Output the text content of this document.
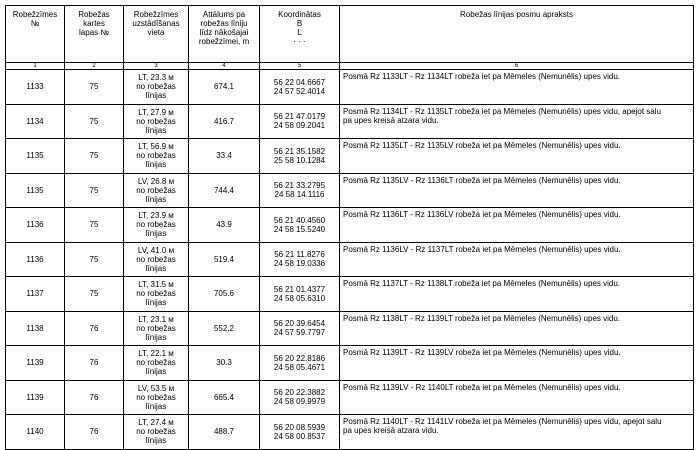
Robežzīmes
№	Robežas
kartes
lapas №	Robežzīmes
uzstādīšanas
vieta	Attālums pa
robežas līniju
līdz nākošajai
robežzīmei, m	Koordinātas
B
L
· · ·	Robežas līnijas posmu apraksts
1	2	3	4	5	6
1133	75	LT, 23.3 м
no robežas
līnijas	674.1	56 22 04.6667
24 57 52.4014	Posmā Rz 1133LT - Rz 1134LT robeža iet pa Mēmeles (Nemunēlis) upes vidu.

1134	75	LT, 27.9 м
no robežas
līnijas	416.7	56 21 47.0179
24 58 09.2041	Posmā Rz 1134LT - Rz 1135LT robeža iet pa Mēmeles (Nemunēlis) upes vidu, apejot salu
pa upes kreisā atzara vidu.

1135	75	LT, 56.9 м
no robežas
līnijas	33.4	56 21 35.1582
25 58 10.1284	Posmā Rz 1135LT - Rz 1135LV robeža iet pa Mēmeles (Nemunēlis) upes vidu.

1135	75	LV, 26.8 м
no robežas
līnijas	744.4	56 21 33.2795
24 58 14.1116	Posmā Rz 1135LV - Rz 1136LT robeža iet pa Mēmeles (Nemunēlis) upes vidu.

1136	75	LT, 23.9 м
no robežas
līnijas	43.9	56 21 40.4560
24 58 15.5240	Posmā Rz 1136LT - Rz 1136LV robeža iet pa Mēmeles (Nemunēlis) upes vidu.

1136	75	LV, 41.0 м
no robežas
līnijas	519.4	56 21 11.8276
24 58 19.0336	Posmā Rz 1136LV - Rz 1137LT robeža iet pa Mēmeles (Nemunēlis) upes vidu.

1137	75	LT, 31.5 м
no robežas
līnijas	705.6	56 21 01.4377
24 58 05.6310	Posmā Rz 1137LT - Rz 1138LT robeža iet pa Mēmeles (Nemunēlis) upes vidu.

1138	76	LT, 23.1 м
no robežas
līnijas	552.2	56 20 39.6454
24 57 59.7797	Posmā Rz 1138LT - Rz 1139LT robeža iet pa Mēmeles (Nemunēlis) upes vidu.

1139	76	LT, 22.1 м
no robežas
līnijas	30.3	56 20 22.8186
24 58 05.4671	Posmā Rz 1139LT - Rz 1139LV robeža iet pa Mēmeles (Nemunēlis) upes vidu.

1139	76	LV, 53.5 м
no robežas
līnijas	665.4	56 20 22.3882
24 58 09.9979	Posmā Rz 1139LV - Rz 1140LT robeža iet pa Mēmeles (Nemunēlis) upes vidu.

1140	76	LT, 27.4 м
no robežas
līnijas	488.7	56 20 08.5939
24 58 00.8537	Posmā Rz 1140LT - Rz 1141LV robeža iet pa Mēmeles (Nemunēlis) upes vidu, apejot salu
pa upes kreisā atzara vidu.
